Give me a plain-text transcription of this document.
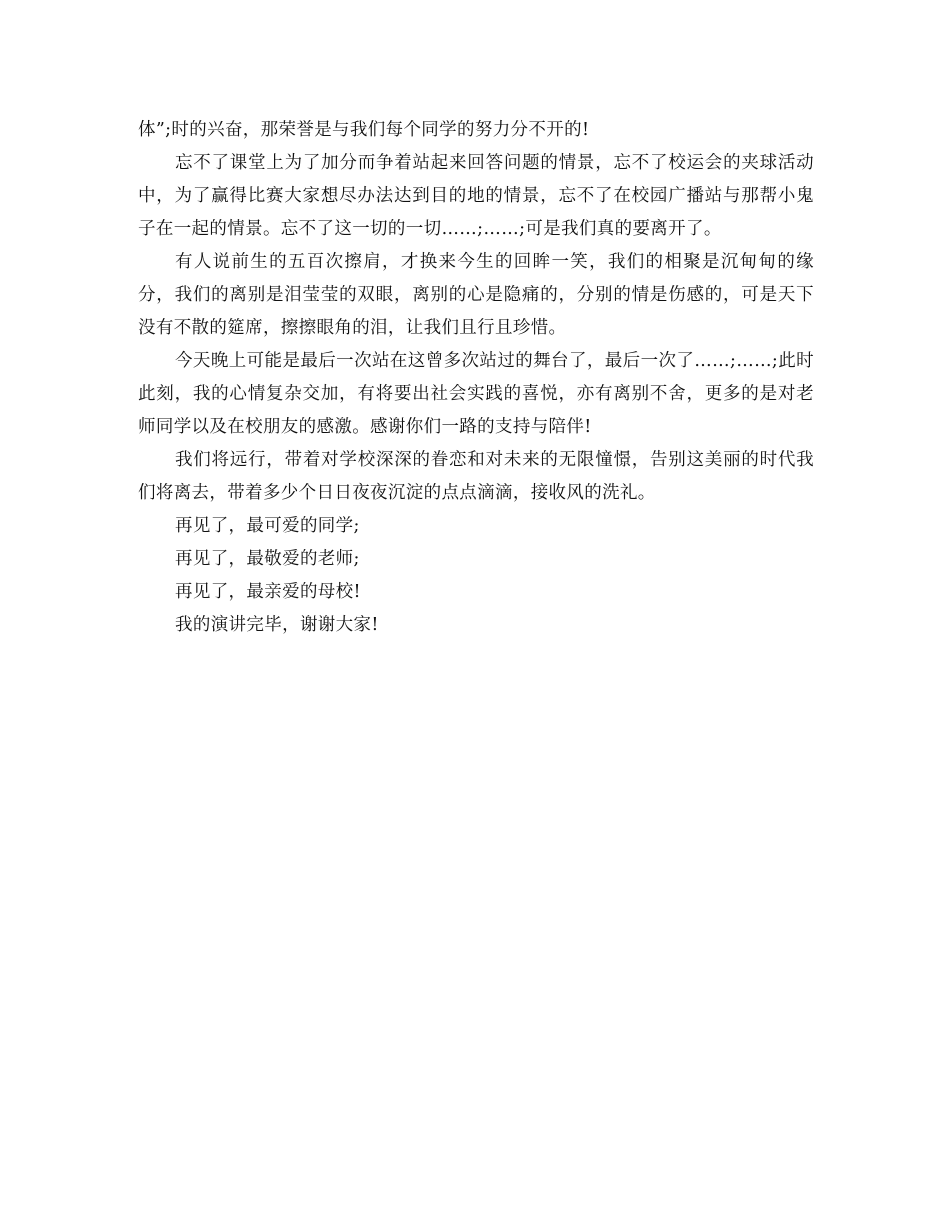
体”;时的兴奋，那荣誉是与我们每个同学的努力分不开的!

忘不了课堂上为了加分而争着站起来回答问题的情景，忘不了校运会的夹球活动中，为了赢得比赛大家想尽办法达到目的地的情景，忘不了在校园广播站与那帮小鬼子在一起的情景。忘不了这一切的一切……;……;可是我们真的要离开了。

有人说前生的五百次擦肩，才换来今生的回眸一笑，我们的相聚是沉甸甸的缘分，我们的离别是泪莹莹的双眼，离别的心是隐痛的，分别的情是伤感的，可是天下没有不散的筵席，擦擦眼角的泪，让我们且行且珍惜。

今天晚上可能是最后一次站在这曾多次站过的舞台了，最后一次了……;……;此时此刻，我的心情复杂交加，有将要出社会实践的喜悦，亦有离别不舍，更多的是对老师同学以及在校朋友的感激。感谢你们一路的支持与陪伴!

我们将远行，带着对学校深深的眷恋和对未来的无限憧憬，告别这美丽的时代我们将离去，带着多少个日日夜夜沉淀的点点滴滴，接收风的洗礼。

再见了，最可爱的同学;

再见了，最敬爱的老师;

再见了，最亲爱的母校!

我的演讲完毕，谢谢大家!
